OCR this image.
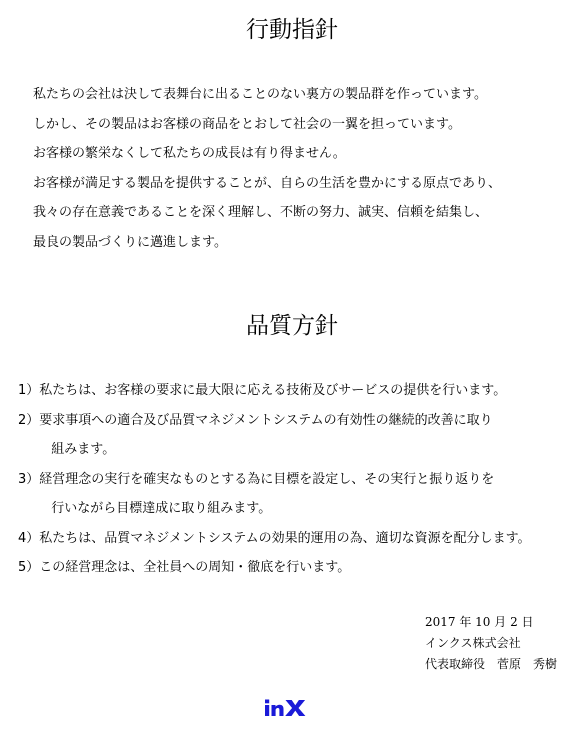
行動指針
私たちの会社は決して表舞台に出ることのない裏方の製品群を作っています。
しかし、その製品はお客様の商品をとおして社会の一翼を担っています。
お客様の繁栄なくして私たちの成長は有り得ません。
お客様が満足する製品を提供することが、自らの生活を豊かにする原点であり、
我々の存在意義であることを深く理解し、不断の努力、誠実、信頼を結集し、
最良の製品づくりに邁進します。
品質方針
1） 私たちは、お客様の要求に最大限に応える技術及びサービスの提供を行います。
2） 要求事項への適合及び品質マネジメントシステムの有効性の継続的改善に取り
組みます。
3） 経営理念の実行を確実なものとする為に目標を設定し、その実行と振り返りを
行いながら目標達成に取り組みます。
4） 私たちは、品質マネジメントシステムの効果的運用の為、適切な資源を配分します。
5） この経営理念は、全社員への周知・徹底を行います。
2017 年 10 月 2 日
インクス株式会社
代表取締役　菅原　秀樹
